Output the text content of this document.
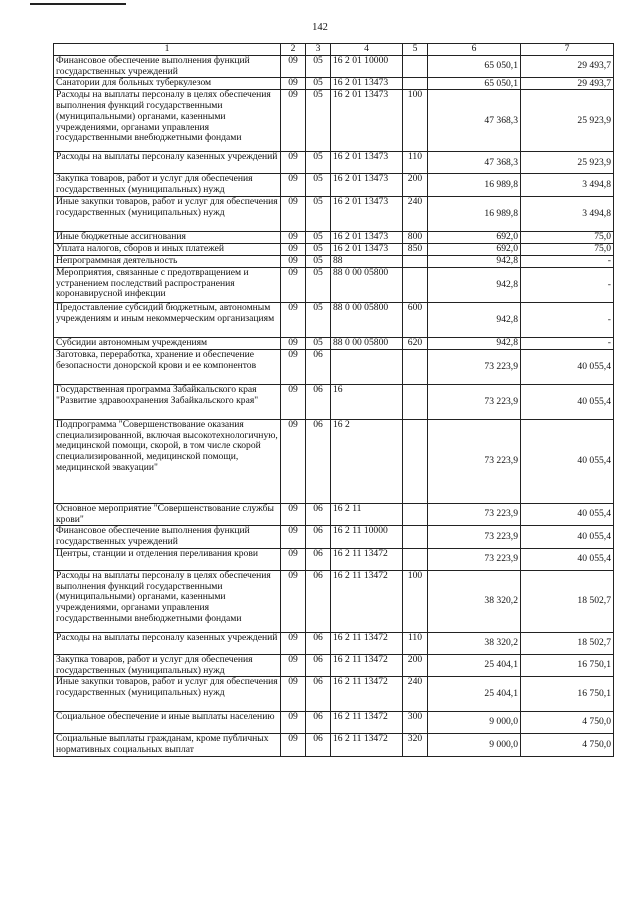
142
1	2	3	4	5	6	7
Финансовое обеспечение выполнения функций государственных учреждений	09	05	16 2 01 10000		65 050,1	29 493,7
Санатории для больных туберкулезом	09	05	16 2 01 13473		65 050,1	29 493,7
Расходы на выплаты персоналу в целях обеспечения выполнения функций государственными (муниципальными) органами, казенными учреждениями, органами управления государственными внебюджетными фондами	09	05	16 2 01 13473	100	47 368,3	25 923,9
Расходы на выплаты персоналу казенных учреждений	09	05	16 2 01 13473	110	47 368,3	25 923,9
Закупка товаров, работ и услуг для обеспечения государственных (муниципальных) нужд	09	05	16 2 01 13473	200	16 989,8	3 494,8
Иные закупки товаров, работ и услуг для обеспечения государственных (муниципальных) нужд	09	05	16 2 01 13473	240	16 989,8	3 494,8
Иные бюджетные ассигнования	09	05	16 2 01 13473	800	692,0	75,0
Уплата налогов, сборов и иных платежей	09	05	16 2 01 13473	850	692,0	75,0
Непрограммная деятельность	09	05	88		942,8	-
Мероприятия, связанные с предотвращением и устранением последствий распространения коронавирусной инфекции	09	05	88 0 00 05800		942,8	-
Предоставление субсидий бюджетным, автономным учреждениям и иным некоммерческим организациям	09	05	88 0 00 05800	600	942,8	-
Субсидии автономным учреждениям	09	05	88 0 00 05800	620	942,8	-
Заготовка, переработка, хранение и обеспечение безопасности донорской крови и ее компонентов	09	06			73 223,9	40 055,4
Государственная программа Забайкальского края "Развитие здравоохранения Забайкальского края"	09	06	16		73 223,9	40 055,4
Подпрограмма "Совершенствование оказания специализированной, включая высокотехнологичную, медицинской помощи, скорой, в том числе скорой специализированной, медицинской помощи, медицинской эвакуации"	09	06	16 2		73 223,9	40 055,4
Основное мероприятие "Совершенствование службы крови"	09	06	16 2 11		73 223,9	40 055,4
Финансовое обеспечение выполнения функций государственных учреждений	09	06	16 2 11 10000		73 223,9	40 055,4
Центры, станции и отделения переливания крови	09	06	16 2 11 13472		73 223,9	40 055,4
Расходы на выплаты персоналу в целях обеспечения выполнения функций государственными (муниципальными) органами, казенными учреждениями, органами управления государственными внебюджетными фондами	09	06	16 2 11 13472	100	38 320,2	18 502,7
Расходы на выплаты персоналу казенных учреждений	09	06	16 2 11 13472	110	38 320,2	18 502,7
Закупка товаров, работ и услуг для обеспечения государственных (муниципальных) нужд	09	06	16 2 11 13472	200	25 404,1	16 750,1
Иные закупки товаров, работ и услуг для обеспечения государственных (муниципальных) нужд	09	06	16 2 11 13472	240	25 404,1	16 750,1
Социальное обеспечение и иные выплаты населению	09	06	16 2 11 13472	300	9 000,0	4 750,0
Социальные выплаты гражданам, кроме публичных нормативных социальных выплат	09	06	16 2 11 13472	320	9 000,0	4 750,0
